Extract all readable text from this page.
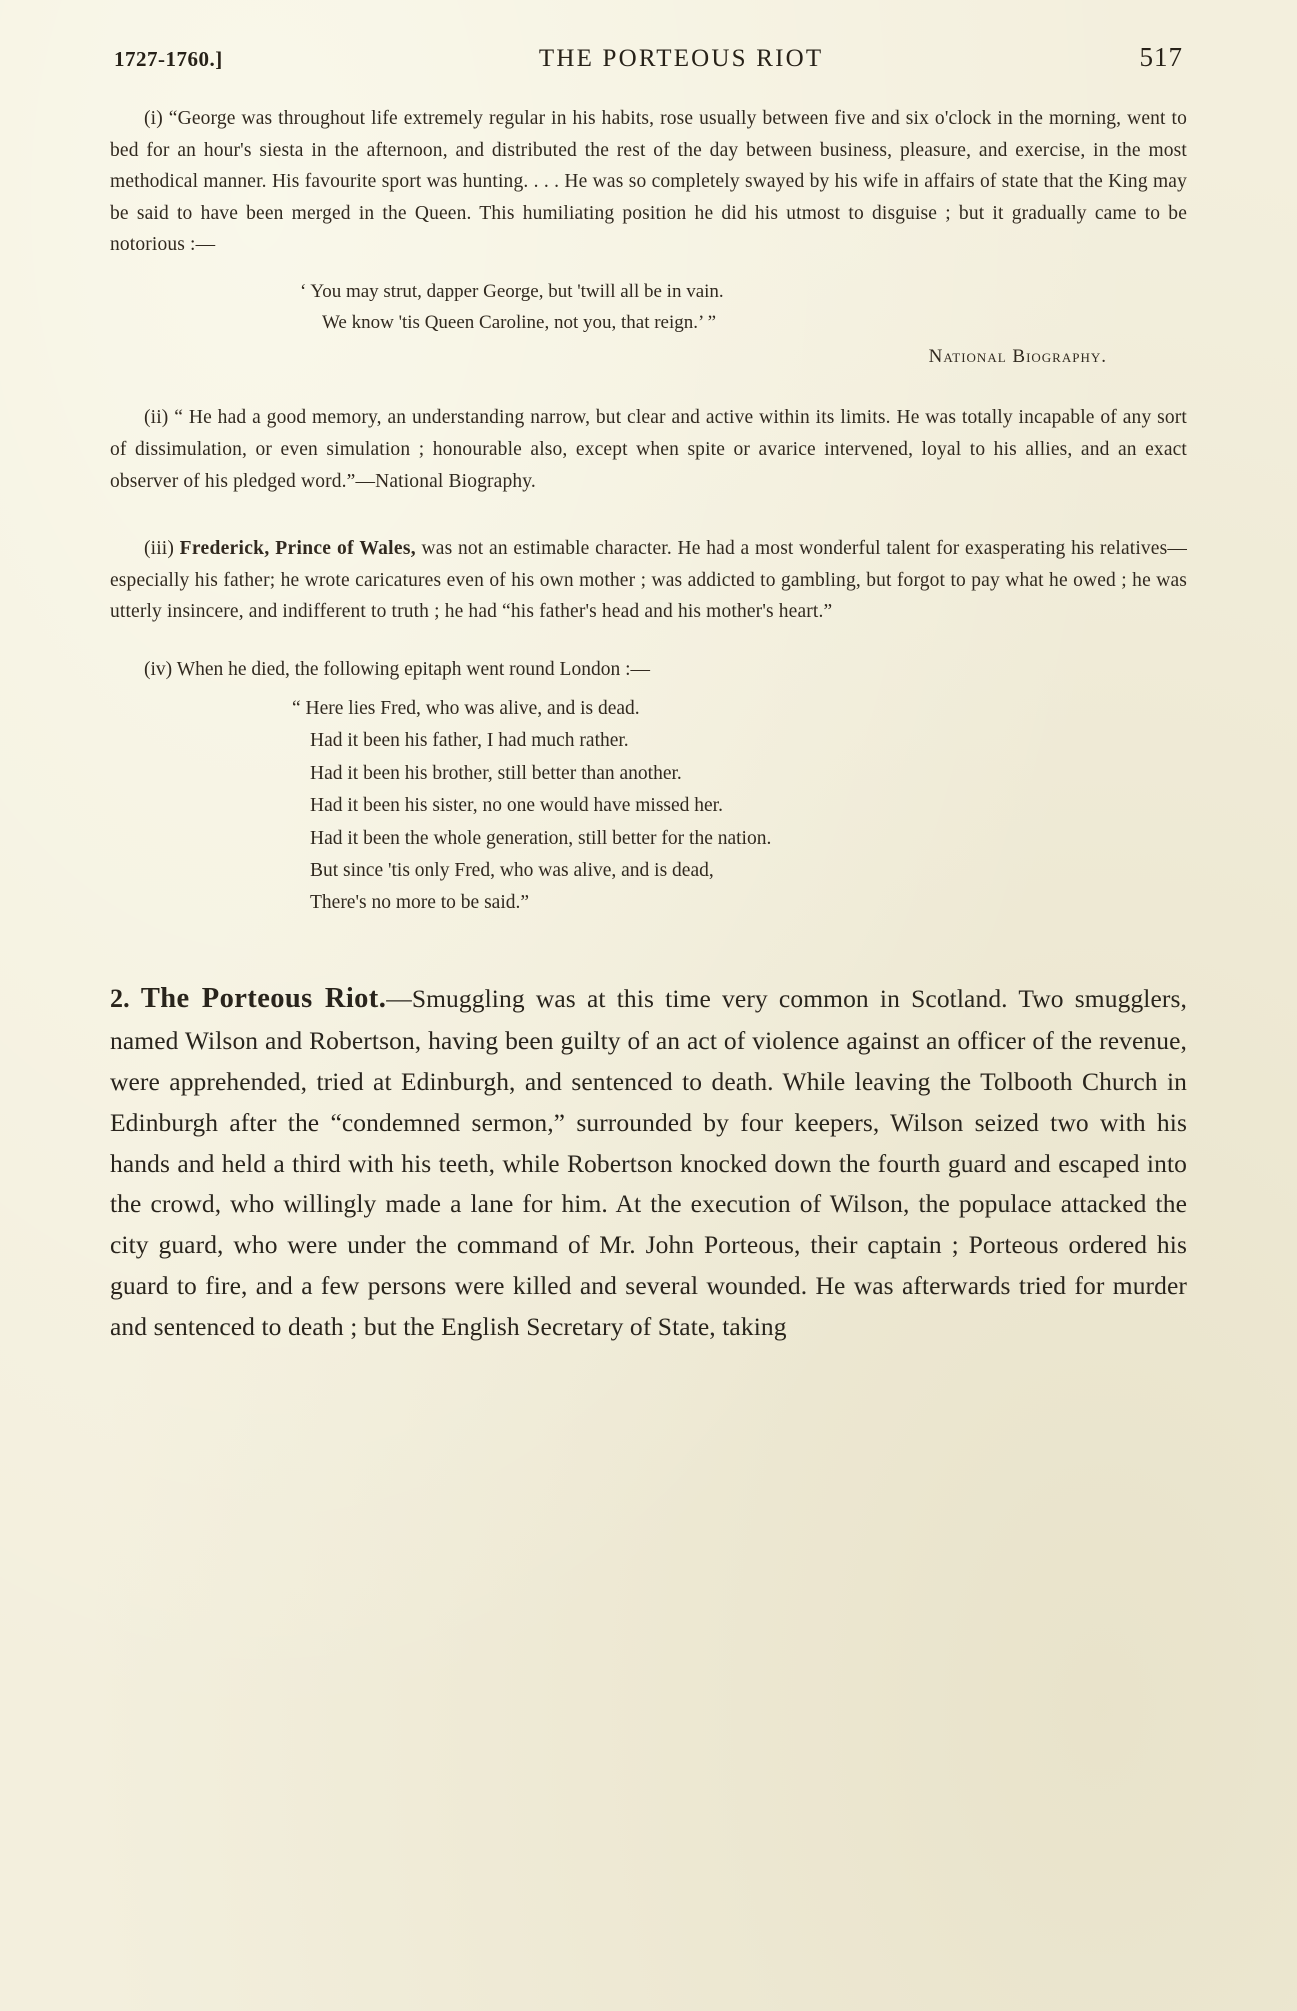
1727-1760.]	THE PORTEOUS RIOT	517

(i) “George was throughout life extremely regular in his habits, rose usually between five and six o'clock in the morning, went to bed for an hour's siesta in the afternoon, and distributed the rest of the day between business, pleasure, and exercise, in the most methodical manner. His favourite sport was hunting. . . . He was so completely swayed by his wife in affairs of state that the King may be said to have been merged in the Queen. This humiliating position he did his utmost to disguise ; but it gradually came to be notorious :—

‘ You may strut, dapper George, but 'twill all be in vain.
We know 'tis Queen Caroline, not you, that reign.’ ”
National Biography.

(ii) “ He had a good memory, an understanding narrow, but clear and active within its limits. He was totally incapable of any sort of dissimulation, or even simulation ; honourable also, except when spite or avarice intervened, loyal to his allies, and an exact observer of his pledged word.”—National Biography.

(iii) Frederick, Prince of Wales, was not an estimable character. He had a most wonderful talent for exasperating his relatives—especially his father; he wrote caricatures even of his own mother ; was addicted to gambling, but forgot to pay what he owed ; he was utterly insincere, and indifferent to truth ; he had “his father's head and his mother's heart.”

(iv) When he died, the following epitaph went round London :—

“ Here lies Fred, who was alive, and is dead.
Had it been his father, I had much rather.
Had it been his brother, still better than another.
Had it been his sister, no one would have missed her.
Had it been the whole generation, still better for the nation.
But since 'tis only Fred, who was alive, and is dead,
There's no more to be said.”

2. The Porteous Riot.—Smuggling was at this time very common in Scotland. Two smugglers, named Wilson and Robertson, having been guilty of an act of violence against an officer of the revenue, were apprehended, tried at Edinburgh, and sentenced to death. While leaving the Tolbooth Church in Edinburgh after the “condemned sermon,” surrounded by four keepers, Wilson seized two with his hands and held a third with his teeth, while Robertson knocked down the fourth guard and escaped into the crowd, who willingly made a lane for him. At the execution of Wilson, the populace attacked the city guard, who were under the command of Mr. John Porteous, their captain ; Porteous ordered his guard to fire, and a few persons were killed and several wounded. He was afterwards tried for murder and sentenced to death ; but the English Secretary of State, taking
